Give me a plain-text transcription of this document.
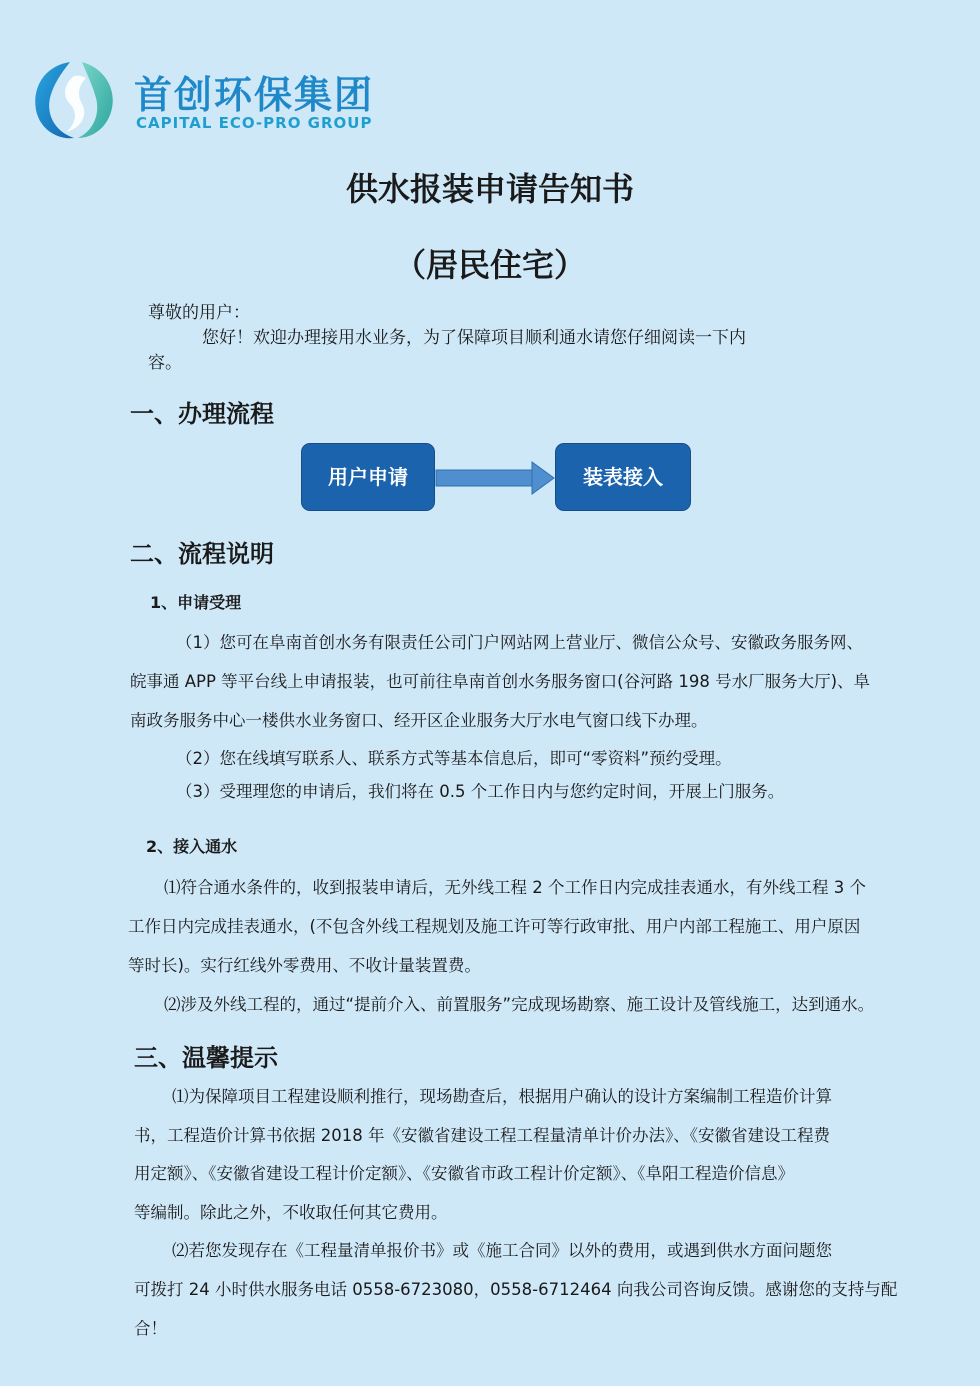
首创环保集团
CAPITAL ECO-PRO GROUP
供水报装申请告知书
（居民住宅）
尊敬的用户：
您好！欢迎办理接用水业务，为了保障项目顺利通水请您仔细阅读一下内
容。
一、办理流程
用户申请	装表接入
二、流程说明
1、申请受理
（1）您可在阜南首创水务有限责任公司门户网站网上营业厅、微信公众号、安徽政务服务网、
皖事通 APP 等平台线上申请报装，也可前往阜南首创水务服务窗口(谷河路 198 号水厂服务大厅)、阜
南政务服务中心一楼供水业务窗口、经开区企业服务大厅水电气窗口线下办理。
（2）您在线填写联系人、联系方式等基本信息后，即可“零资料”预约受理。
（3）受理理您的申请后，我们将在 0.5 个工作日内与您约定时间，开展上门服务。
2、接入通水
⑴符合通水条件的，收到报装申请后，无外线工程 2 个工作日内完成挂表通水，有外线工程 3 个
工作日内完成挂表通水，(不包含外线工程规划及施工许可等行政审批、用户内部工程施工、用户原因
等时长)。实行红线外零费用、不收计量装置费。
⑵涉及外线工程的，通过“提前介入、前置服务”完成现场勘察、施工设计及管线施工，达到通水。
三、温馨提示
⑴为保障项目工程建设顺利推行，现场勘查后，根据用户确认的设计方案编制工程造价计算
书，工程造价计算书依据 2018 年《安徽省建设工程工程量清单计价办法》、《安徽省建设工程费
用定额》、《安徽省建设工程计价定额》、《安徽省市政工程计价定额》、《阜阳工程造价信息》
等编制。除此之外，不收取任何其它费用。
⑵若您发现存在《工程量清单报价书》或《施工合同》以外的费用，或遇到供水方面问题您
可拨打 24 小时供水服务电话 0558-6723080，0558-6712464 向我公司咨询反馈。感谢您的支持与配
合！
